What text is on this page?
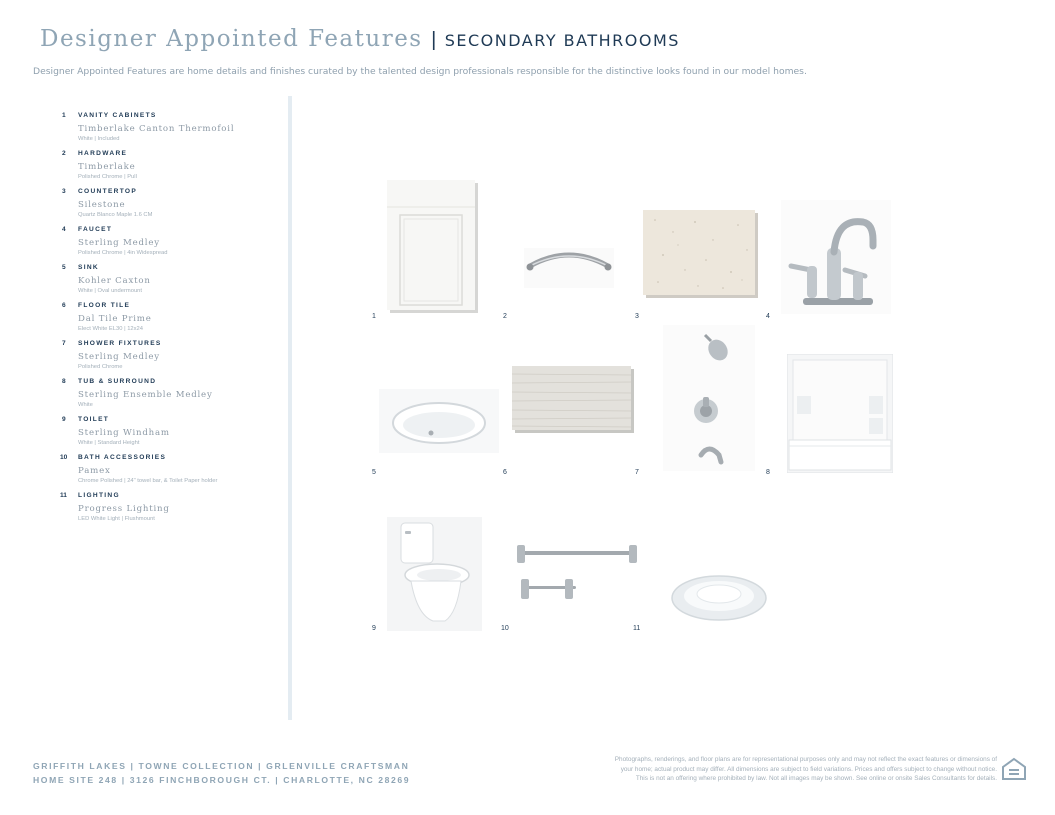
Designer Appointed Features | SECONDARY BATHROOMS
Designer Appointed Features are home details and finishes curated by the talented design professionals responsible for the distinctive looks found in our model homes.
1	VANITY CABINETS
Timberlake Canton Thermofoil
White | Included
2	HARDWARE
Timberlake
Polished Chrome | Pull
3	COUNTERTOP
Silestone
Quartz Blanco Maple 1.6 CM
4	FAUCET
Sterling Medley
Polished Chrome | 4in Widespread
5	SINK
Kohler Caxton
White | Oval undermount
6	FLOOR TILE
Dal Tile Prime
Elect White EL30 | 12x24
7	SHOWER FIXTURES
Sterling Medley
Polished Chrome
8	TUB & SURROUND
Sterling Ensemble Medley
White
9	TOILET
Sterling Windham
White | Standard Height
10	BATH ACCESSORIES
Pamex
Chrome Polished | 24" towel bar, & Toilet Paper holder
11	LIGHTING
Progress Lighting
LED White Light | Flushmount
1	2	3	4
5	6	7	8
9	10	11
GRIFFITH LAKES | TOWNE COLLECTION | GRLENVILLE CRAFTSMAN
HOME SITE 248 | 3126 FINCHBOROUGH CT. | CHARLOTTE, NC 28269
Photographs, renderings, and floor plans are for representational purposes only and may not reflect the exact features or dimensions of
your home; actual product may differ. All dimensions are subject to field variations. Prices and offers subject to change without notice.
This is not an offering where prohibited by law. Not all images may be shown. See online or onsite Sales Consultants for details.
